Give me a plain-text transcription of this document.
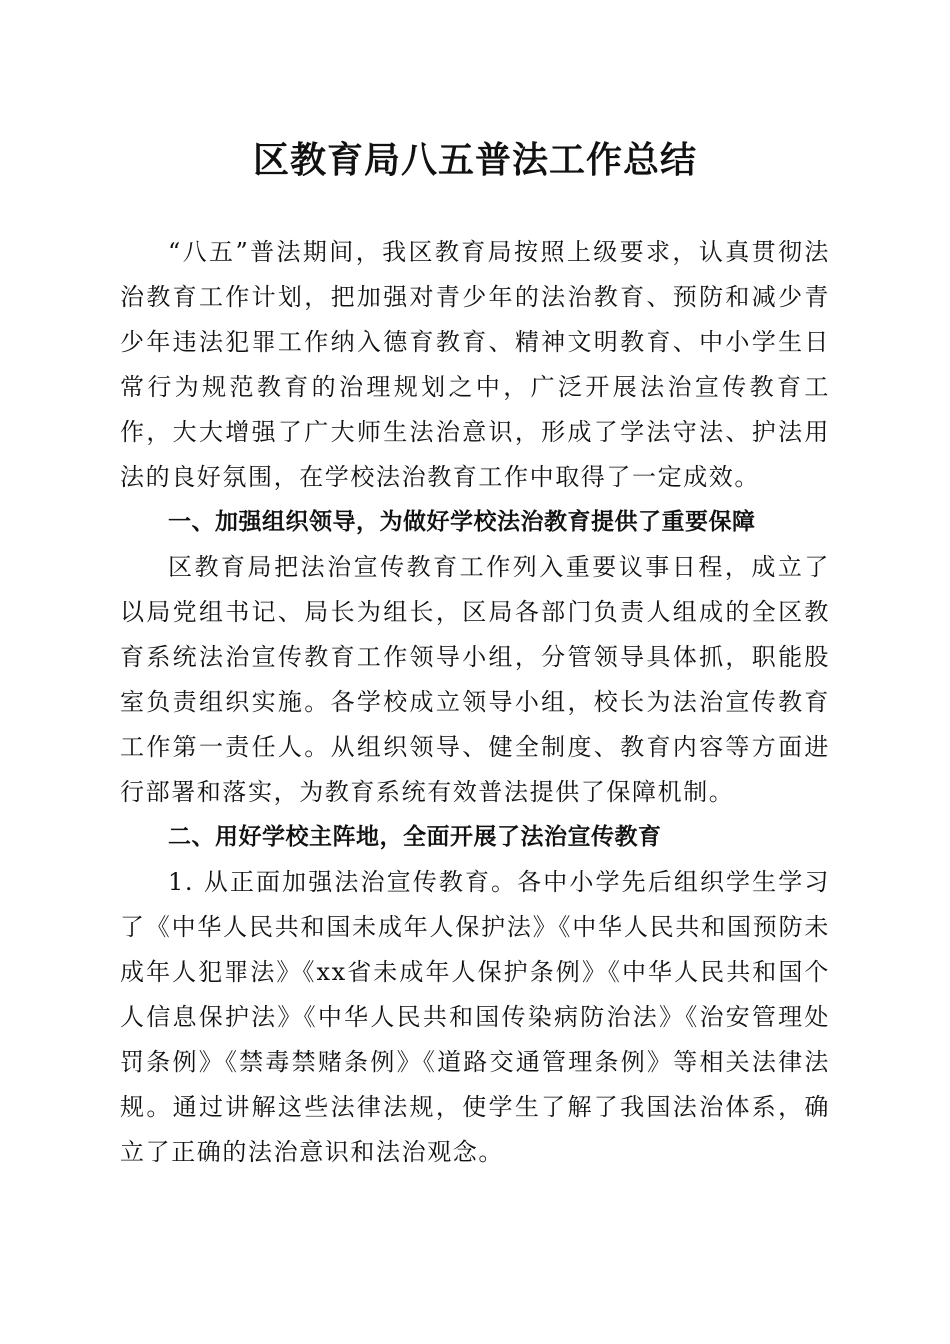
区教育局八五普法工作总结

“八五”普法期间，我区教育局按照上级要求，认真贯彻法治教育工作计划，把加强对青少年的法治教育、预防和减少青少年违法犯罪工作纳入德育教育、精神文明教育、中小学生日常行为规范教育的治理规划之中，广泛开展法治宣传教育工作，大大增强了广大师生法治意识，形成了学法守法、护法用法的良好氛围，在学校法治教育工作中取得了一定成效。

一、加强组织领导，为做好学校法治教育提供了重要保障

区教育局把法治宣传教育工作列入重要议事日程，成立了以局党组书记、局长为组长，区局各部门负责人组成的全区教育系统法治宣传教育工作领导小组，分管领导具体抓，职能股室负责组织实施。各学校成立领导小组，校长为法治宣传教育工作第一责任人。从组织领导、健全制度、教育内容等方面进行部署和落实，为教育系统有效普法提供了保障机制。

二、用好学校主阵地，全面开展了法治宣传教育

1. 从正面加强法治宣传教育。各中小学先后组织学生学习了《中华人民共和国未成年人保护法》《中华人民共和国预防未成年人犯罪法》《xx省未成年人保护条例》《中华人民共和国个人信息保护法》《中华人民共和国传染病防治法》《治安管理处罚条例》《禁毒禁赌条例》《道路交通管理条例》等相关法律法规。通过讲解这些法律法规，使学生了解了我国法治体系，确立了正确的法治意识和法治观念。
